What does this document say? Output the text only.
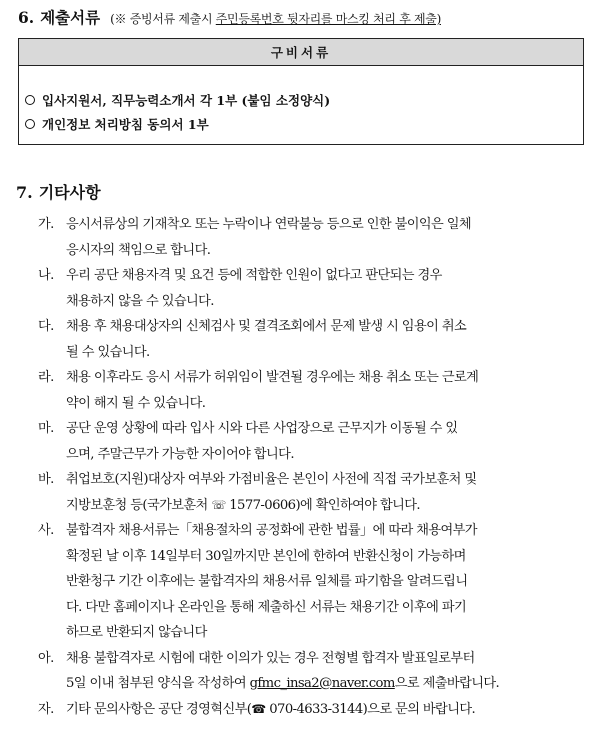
6. 제출서류 (※ 증빙서류 제출시 주민등록번호 뒷자리를 마스킹 처리 후 제출)
구비서류
입사지원서, 직무능력소개서 각 1부 (붙임 소정양식)
개인정보 처리방침 동의서 1부
7. 기타사항
가. 응시서류상의 기재착오 또는 누락이나 연락불능 등으로 인한 불이익은 일체
응시자의 책임으로 합니다.
나. 우리 공단 채용자격 및 요건 등에 적합한 인원이 없다고 판단되는 경우
채용하지 않을 수 있습니다.
다. 채용 후 채용대상자의 신체검사 및 결격조회에서 문제 발생 시 임용이 취소
될 수 있습니다.
라. 채용 이후라도 응시 서류가 허위임이 발견될 경우에는 채용 취소 또는 근로계
약이 해지 될 수 있습니다.
마. 공단 운영 상황에 따라 입사 시와 다른 사업장으로 근무지가 이동될 수 있
으며, 주말근무가 가능한 자이어야 합니다.
바. 취업보호(지원)대상자 여부와 가점비율은 본인이 사전에 직접 국가보훈처 및
지방보훈청 등(국가보훈처 ☏ 1577-0606)에 확인하여야 합니다.
사. 불합격자 채용서류는「채용절차의 공정화에 관한 법률」에 따라 채용여부가
확정된 날 이후 14일부터 30일까지만 본인에 한하여 반환신청이 가능하며
반환청구 기간 이후에는 불합격자의 채용서류 일체를 파기함을 알려드립니
다. 다만 홈페이지나 온라인을 통해 제출하신 서류는 채용기간 이후에 파기
하므로 반환되지 않습니다
아. 채용 불합격자로 시험에 대한 이의가 있는 경우 전형별 합격자 발표일로부터
5일 이내 첨부된 양식을 작성하여 gfmc_insa2@naver.com으로 제출바랍니다.
자. 기타 문의사항은 공단 경영혁신부(☎ 070-4633-3144)으로 문의 바랍니다.
